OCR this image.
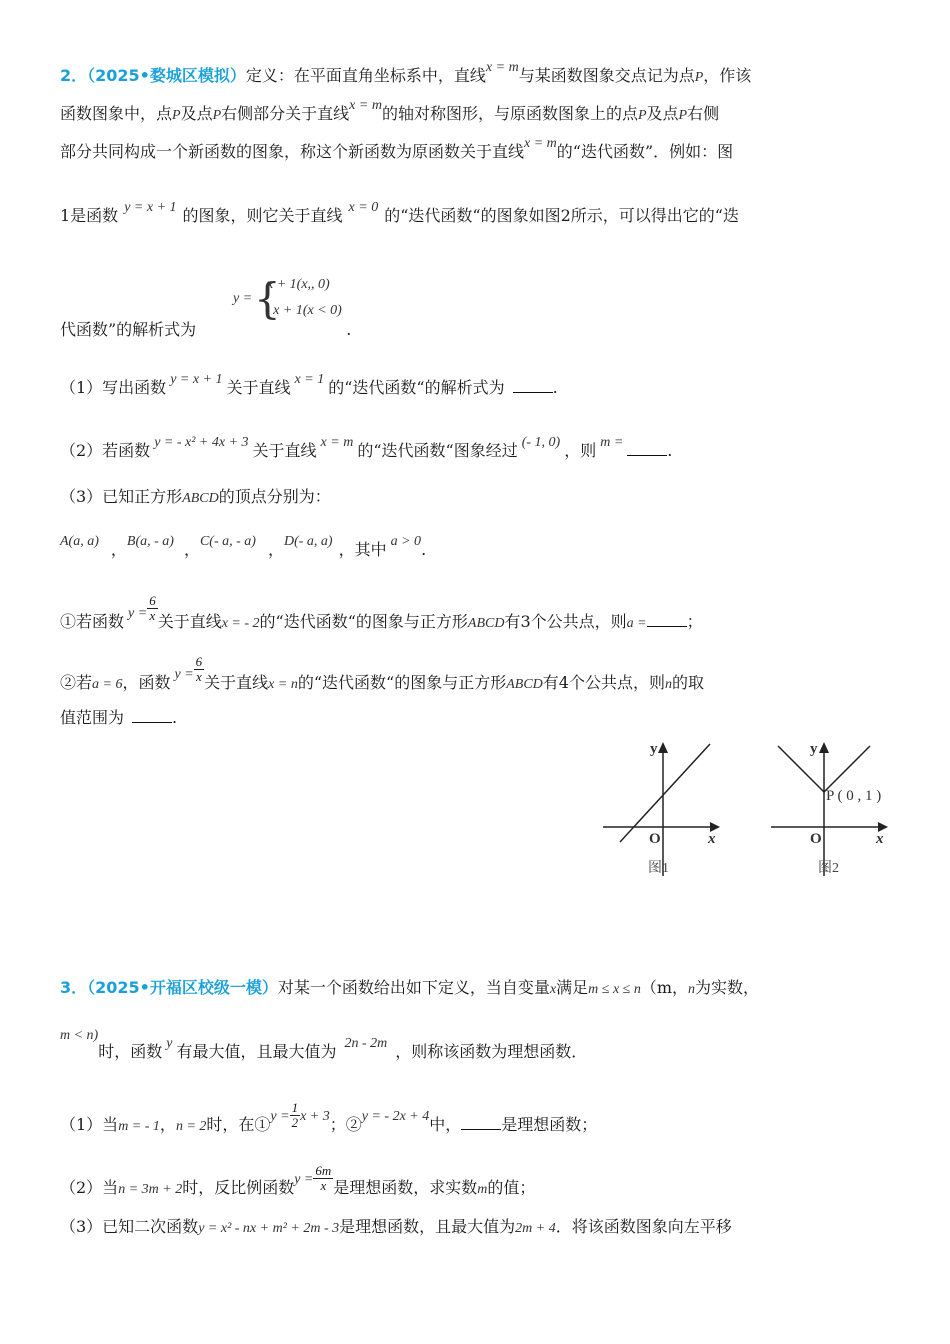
2．（2025•婺城区模拟）定义：在平面直角坐标系中，直线x = m与某函数图象交点记为点P，作该
函数图象中，点P及点P右侧部分关于直线x = m的轴对称图形，与原函数图象上的点P及点P右侧
部分共同构成一个新函数的图象，称这个新函数为原函数关于直线x = m的“迭代函数”．例如：图
1是函数 y = x + 1 的图象，则它关于直线 x = 0 的“迭代函数“的图象如图2所示，可以得出它的“迭
y = {
x + 1(x,, 0)
- x + 1(x < 0)
代函数”的解析式为	.
（1）写出函数 y = x + 1 关于直线 x = 1 的“迭代函数“的解析式为	.
（2）若函数 y = - x² + 4x + 3 关于直线 x = m 的“迭代函数“图象经过 (- 1, 0) ，则 m =	.
（3）已知正方形ABCD的顶点分别为：
A(a, a) ，B(a, - a) ，C(- a, - a) ，D(- a, a) ，其中 a > 0.
①若函数 $y = \frac{6}{x}$ 关于直线x = - 2的“迭代函数“的图象与正方形ABCD有3个公共点，则a =	；
②若a = 6，函数 $y = \frac{6}{x}$ 关于直线x = n的“迭代函数“的图象与正方形ABCD有4个公共点，则n的取
值范围为	.
y
x
O
图1
y
x
O
P ( 0 , 1 )
图2
3．（2025•开福区校级一模）对某一个函数给出如下定义，当自变量x满足m ≤ x ≤ n（m，n为实数，
m < n)时，函数 y 有最大值，且最大值为 2n - 2m ，则称该函数为理想函数．
（1）当m = - 1，n = 2时，在①y = $\frac{1}{2}$ x + 3；②y = - 2x + 4中，	是理想函数；
（2）当n = 3m + 2时，反比例函数$y = \frac{6m}{x}$ 是理想函数，求实数m的值；
（3）已知二次函数y = x² - nx + m² + 2m - 3是理想函数，且最大值为2m + 4．将该函数图象向左平移
